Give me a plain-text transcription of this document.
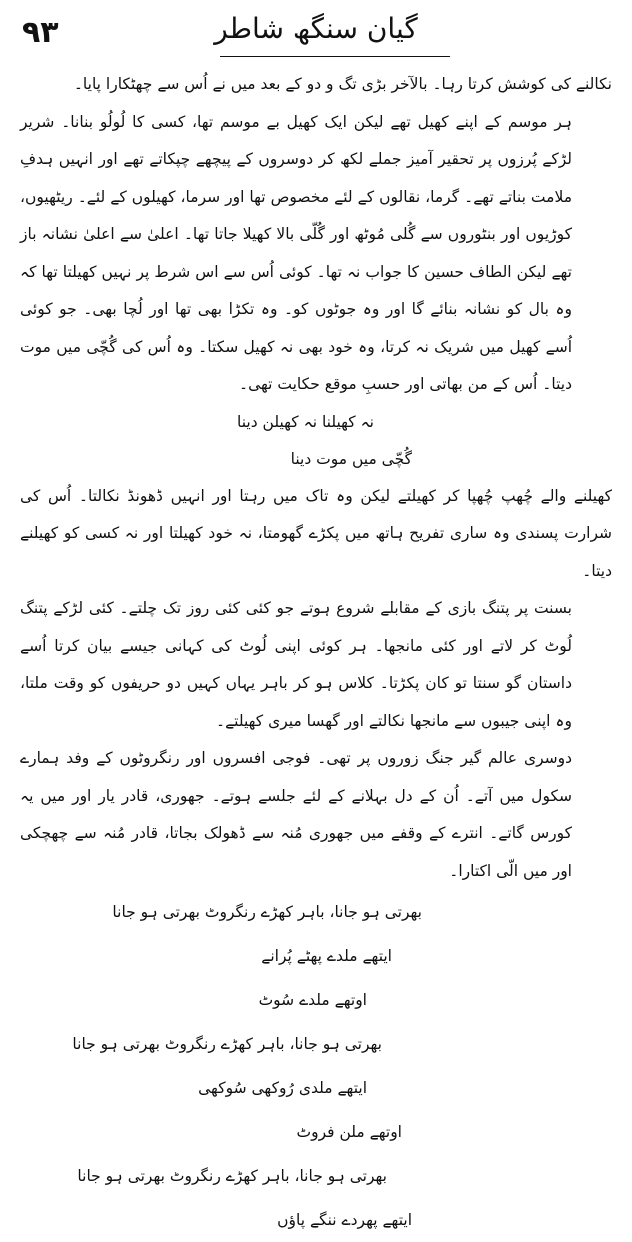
۹۳	گیان سنگھ شاطر

نکالنے کی کوشش کرتا رہا۔ بالآخر بڑی تگ و دو کے بعد میں نے اُس سے چھٹکارا پایا۔

ہر موسم کے اپنے کھیل تھے لیکن ایک کھیل بے موسم تھا، کسی کا لُولُو بنانا۔ شریر لڑکے پُرزوں پر تحقیر آمیز جملے لکھ کر دوسروں کے پیچھے چپکاتے تھے اور انہیں ہدفِ ملامت بناتے تھے۔ گرما، نقالوں کے لئے مخصوص تھا اور سرما، کھیلوں کے لئے۔ ریٹھیوں، کوڑیوں اور بنٹوروں سے گُلی مُوٹھ اور گُلّی بالا کھیلا جاتا تھا۔ اعلیٰ سے اعلیٰ نشانہ باز تھے لیکن الطاف حسین کا جواب نہ تھا۔ کوئی اُس سے اس شرط پر نہیں کھیلتا تھا کہ وہ بال کو نشانہ بنائے گا اور وہ جوٹوں کو۔ وہ تکڑا بھی تھا اور لُچا بھی۔ جو کوئی اُسے کھیل میں شریک نہ کرتا، وہ خود بھی نہ کھیل سکتا۔ وہ اُس کی گُچّی میں موت دیتا۔ اُس کے من بھاتی اور حسبِ موقع حکایت تھی۔

نہ کھیلنا نہ کھیلن دینا

گُچّی میں موت دینا

کھیلنے والے چُھپ چُھپا کر کھیلتے لیکن وہ تاک میں رہتا اور انہیں ڈھونڈ نکالتا۔ اُس کی شرارت پسندی وہ ساری تفریح ہاتھ میں پکڑے گھومتا، نہ خود کھیلتا اور نہ کسی کو کھیلنے دیتا۔

بسنت پر پتنگ بازی کے مقابلے شروع ہوتے جو کئی کئی روز تک چلتے۔ کئی لڑکے پتنگ لُوٹ کر لاتے اور کئی مانجھا۔ ہر کوئی اپنی لُوٹ کی کہانی جیسے بیان کرتا اُسے داستان گو سنتا تو کان پکڑتا۔ کلاس ہو کر باہر یہاں کہیں دو حریفوں کو وقت ملتا، وہ اپنی جیبوں سے مانجھا نکالتے اور گھسا میری کھیلتے۔

دوسری عالم گیر جنگ زوروں پر تھی۔ فوجی افسروں اور رنگروٹوں کے وفد ہمارے سکول میں آتے۔ اُن کے دل بہلانے کے لئے جلسے ہوتے۔ جھوری، قادر یار اور میں یہ کورس گاتے۔ انترے کے وقفے میں جھوری مُنہ سے ڈھولک بجاتا، قادر مُنہ سے چھچکی اور میں الّی اکتارا۔

بھرتی ہو جانا، باہر کھڑے رنگروٹ بھرتی ہو جانا

ایتھے ملدے پھٹے پُرانے

اوتھے ملدے سُوٹ

بھرتی ہو جانا، باہر کھڑے رنگروٹ بھرتی ہو جانا

ایتھے ملدی رُوکھی سُوکھی

اوتھے ملن فروٹ

بھرتی ہو جانا، باہر کھڑے رنگروٹ بھرتی ہو جانا

ایتھے پھردے ننگے پاؤں
